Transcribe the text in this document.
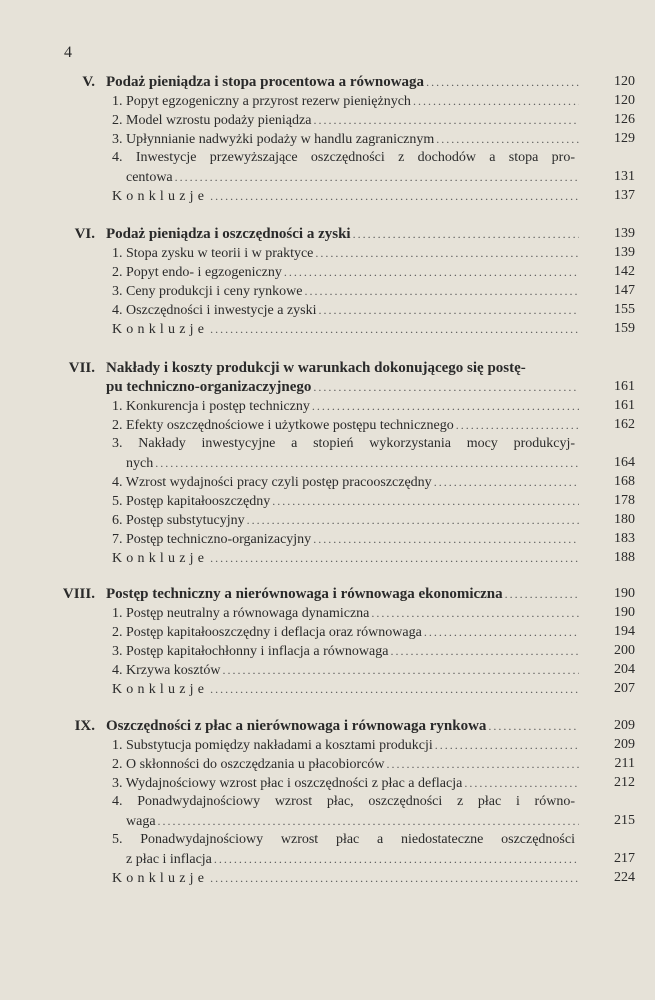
4
V. Podaż pieniądza i stopa procentowa a równowaga .....	120
1. Popyt egzogeniczny a przyrost rezerw pieniężnych .....	120
2. Model wzrostu podaży pieniądza .....	126
3. Upłynnianie nadwyżki podaży w handlu zagranicznym .....	129
4. Inwestycje przewyższające oszczędności z dochodów a stopa pro-
centowa .....	131
Konkluzje .....	137
VI. Podaż pieniądza i oszczędności a zyski .....	139
1. Stopa zysku w teorii i w praktyce .....	139
2. Popyt endo- i egzogeniczny .....	142
3. Ceny produkcji i ceny rynkowe .....	147
4. Oszczędności i inwestycje a zyski .....	155
Konkluzje .....	159
VII. Nakłady i koszty produkcji w warunkach dokonującego się postę-
pu techniczno-organizaczyjnego .....	161
1. Konkurencja i postęp techniczny .....	161
2. Efekty oszczędnościowe i użytkowe postępu technicznego .....	162
3. Nakłady inwestycyjne a stopień wykorzystania mocy produkcyj-
nych .....	164
4. Wzrost wydajności pracy czyli postęp pracooszczędny .....	168
5. Postęp kapitałooszczędny .....	178
6. Postęp substytucyjny .....	180
7. Postęp techniczno-organizacyjny .....	183
Konkluzje .....	188
VIII. Postęp techniczny a nierównowaga i równowaga ekonomiczna .....	190
1. Postęp neutralny a równowaga dynamiczna .....	190
2. Postęp kapitałooszczędny i deflacja oraz równowaga .....	194
3. Postęp kapitałochłonny i inflacja a równowaga .....	200
4. Krzywa kosztów .....	204
Konkluzje .....	207
IX. Oszczędności z płac a nierównowaga i równowaga rynkowa .....	209
1. Substytucja pomiędzy nakładami a kosztami produkcji .....	209
2. O skłonności do oszczędzania u płacobiorców .....	211
3. Wydajnościowy wzrost płac i oszczędności z płac a deflacja .....	212
4. Ponadwydajnościowy wzrost płac, oszczędności z płac i równo-
waga .....	215
5. Ponadwydajnościowy wzrost płac a niedostateczne oszczędności
z płac i inflacja .....	217
Konkluzje .....	224
